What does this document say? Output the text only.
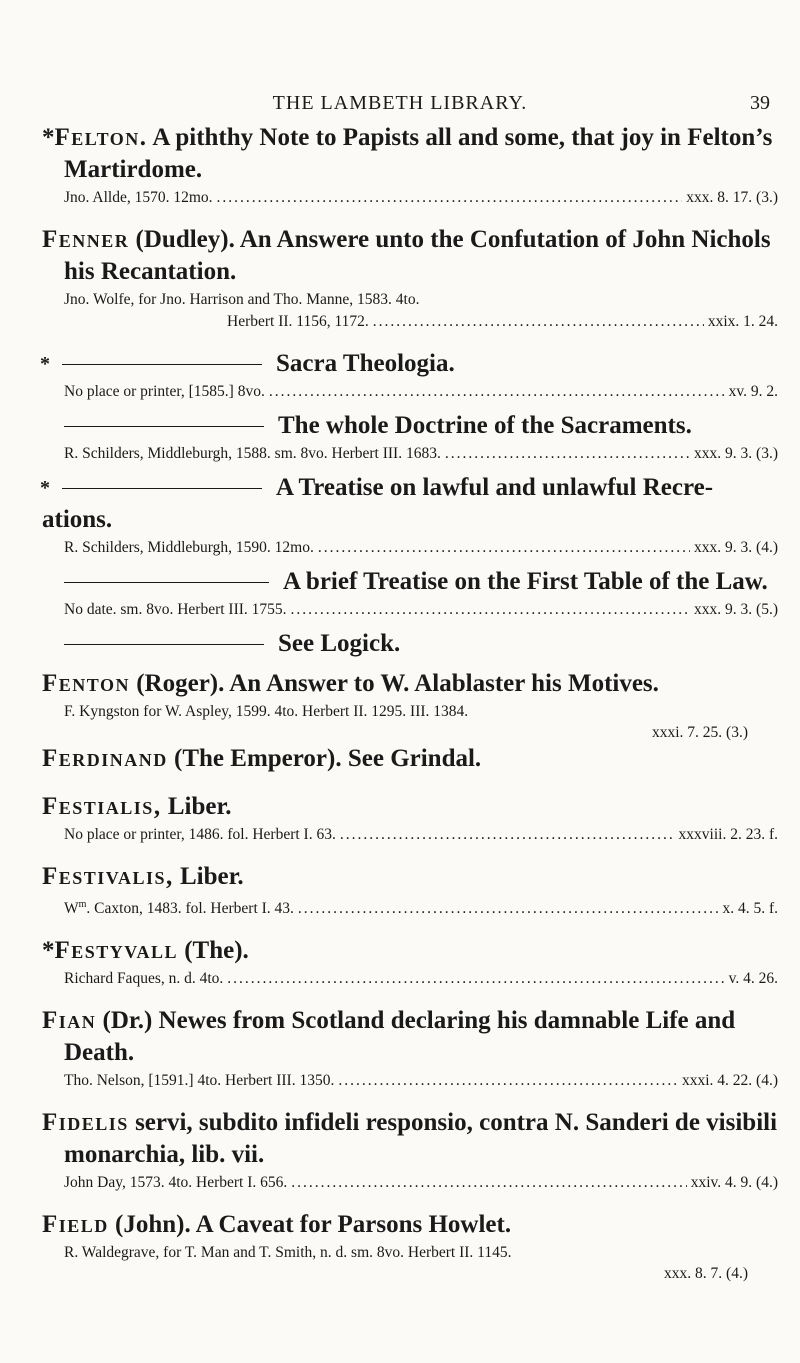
THE LAMBETH LIBRARY.	39

*Felton. A piththy Note to Papists all and some, that joy in Felton’s Martirdome.

Jno. Allde, 1570. 12mo. .....	xxx. 8. 17. (3.)

Fenner (Dudley). An Answere unto the Confutation of John Nichols his Recantation.

Jno. Wolfe, for Jno. Harrison and Tho. Manne, 1583. 4to.
Herbert II. 1156, 1172. .....	xxix. 1. 24.
*	Sacra Theologia.
No place or printer, [1585.] 8vo. .....	xv. 9. 2.
The whole Doctrine of the Sacraments.
R. Schilders, Middleburgh, 1588. sm. 8vo. Herbert III. 1683. .....	xxx. 9. 3. (3.)
*	A Treatise on lawful and unlawful Recre-
ations.
R. Schilders, Middleburgh, 1590. 12mo. .....	xxx. 9. 3. (4.)
A brief Treatise on the First Table of the Law.
No date. sm. 8vo. Herbert III. 1755. .....	xxx. 9. 3. (5.)
See Logick.

Fenton (Roger). An Answer to W. Alablaster his Motives.

F. Kyngston for W. Aspley, 1599. 4to. Herbert II. 1295. III. 1384.
xxxi. 7. 25. (3.)

Ferdinand (The Emperor). See Grindal.

Festialis, Liber.

No place or printer, 1486. fol. Herbert I. 63. .....	xxxviii. 2. 23. f.

Festivalis, Liber.

$W^m$. Caxton, 1483. fol. Herbert I. 43. .....	x. 4. 5. f.

*Festyvall (The).

Richard Faques, n. d. 4to. .....	v. 4. 26.

Fian (Dr.) Newes from Scotland declaring his damnable Life and Death.

Tho. Nelson, [1591.] 4to. Herbert III. 1350. .....	xxxi. 4. 22. (4.)

Fidelis servi, subdito infideli responsio, contra N. Sanderi de visibili monarchia, lib. vii.

John Day, 1573. 4to. Herbert I. 656. .....	xxiv. 4. 9. (4.)

Field (John). A Caveat for Parsons Howlet.

R. Waldegrave, for T. Man and T. Smith, n. d. sm. 8vo. Herbert II. 1145.
xxx. 8. 7. (4.)
